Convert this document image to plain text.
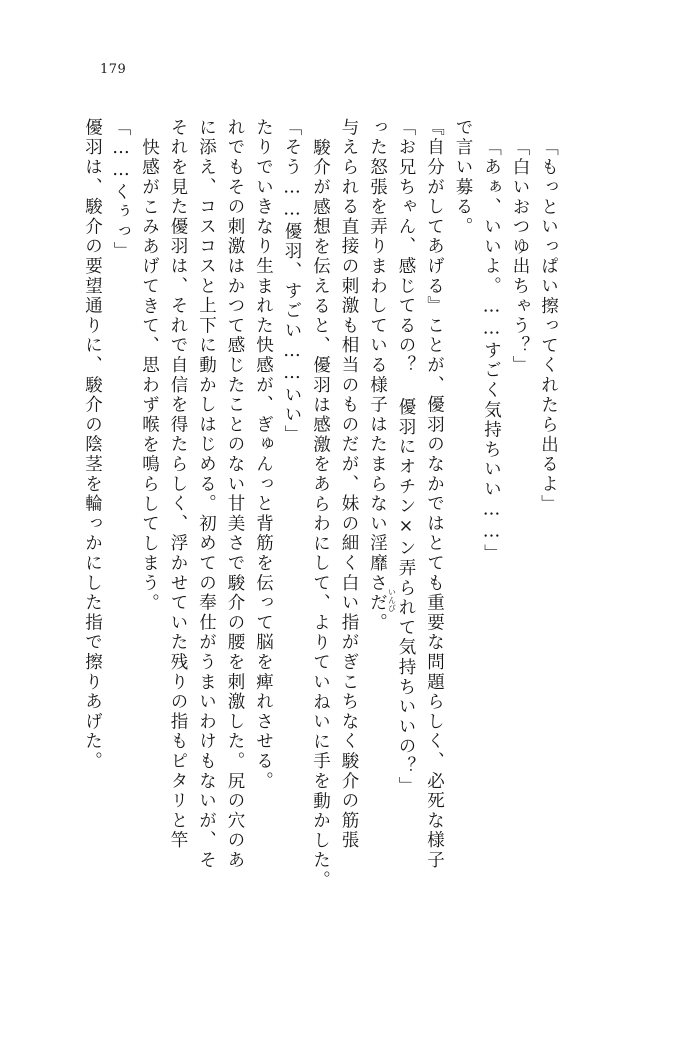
179
優羽は、駿介の要望通りに、駿介の陰茎を輪っかにした指で擦りあげた。 「……くぅっ」 快感がこみあげてきて、思わず喉を鳴らしてしまう。 それを見た優羽は、それで自信を得たらしく、浮かせていた残りの指もピタリと竿 に添え、コスコスと上下に動かしはじめる。初めての奉仕がうまいわけもないが、そ れでもその刺激はかつて感じたことのない甘美さで駿介の腰を刺激した。尻の穴のあ たりでいきなり生まれた快感が、ぎゅんっと背筋を伝って脳を痺れさせる。 「そう……優羽、すごい……いい」 駿介が感想を伝えると、優羽は感激をあらわにして、よりていねいに手を動かした。 与えられる直接の刺激も相当のものだが、妹の細く白い指がぎこちなく駿介の筋張 った怒張を弄りまわしている様子はたまらない淫靡さだ。 いんび 「お兄ちゃん、感じてるの？ 優羽にオチン×ン弄られて気持ちいいの？」 『自分がしてあげる』ことが、優羽のなかではとても重要な問題らしく、必死な様子 で言い募る。 「あぁ、いいよ。……すごく気持ちいい……」 「白いおつゆ出ちゃう？」 「もっといっぱい擦ってくれたら出るよ」
